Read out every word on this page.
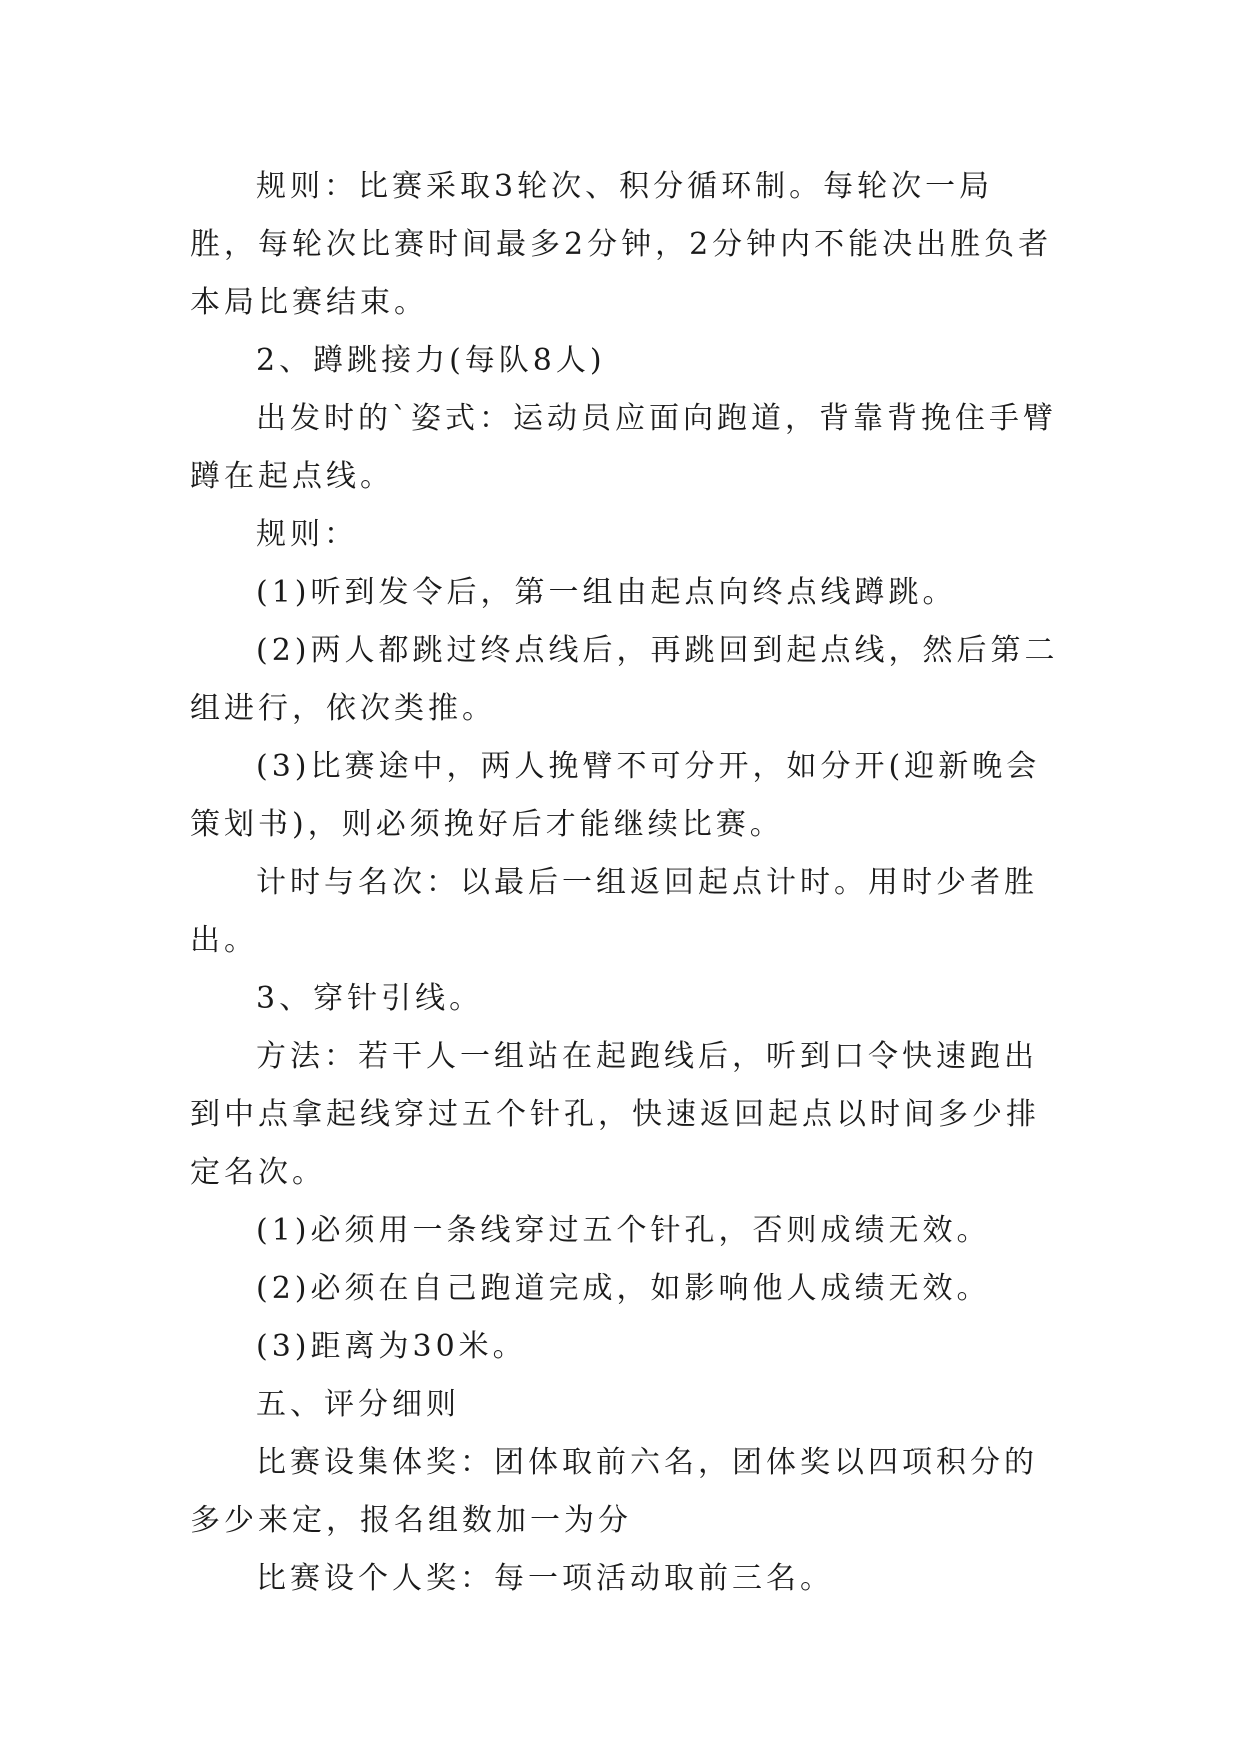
规则：比赛采取3轮次、积分循环制。每轮次一局胜，每轮次比赛时间最多2分钟，2分钟内不能决出胜负者本局比赛结束。

2、蹲跳接力(每队8人)

出发时的`姿式：运动员应面向跑道，背靠背挽住手臂蹲在起点线。

规则：

(1)听到发令后，第一组由起点向终点线蹲跳。

(2)两人都跳过终点线后，再跳回到起点线，然后第二组进行，依次类推。

(3)比赛途中，两人挽臂不可分开，如分开(迎新晚会策划书)，则必须挽好后才能继续比赛。

计时与名次：以最后一组返回起点计时。用时少者胜出。

3、穿针引线。

方法：若干人一组站在起跑线后，听到口令快速跑出到中点拿起线穿过五个针孔，快速返回起点以时间多少排定名次。

(1)必须用一条线穿过五个针孔，否则成绩无效。

(2)必须在自己跑道完成，如影响他人成绩无效。

(3)距离为30米。

五、评分细则

比赛设集体奖：团体取前六名，团体奖以四项积分的多少来定，报名组数加一为分

比赛设个人奖：每一项活动取前三名。
